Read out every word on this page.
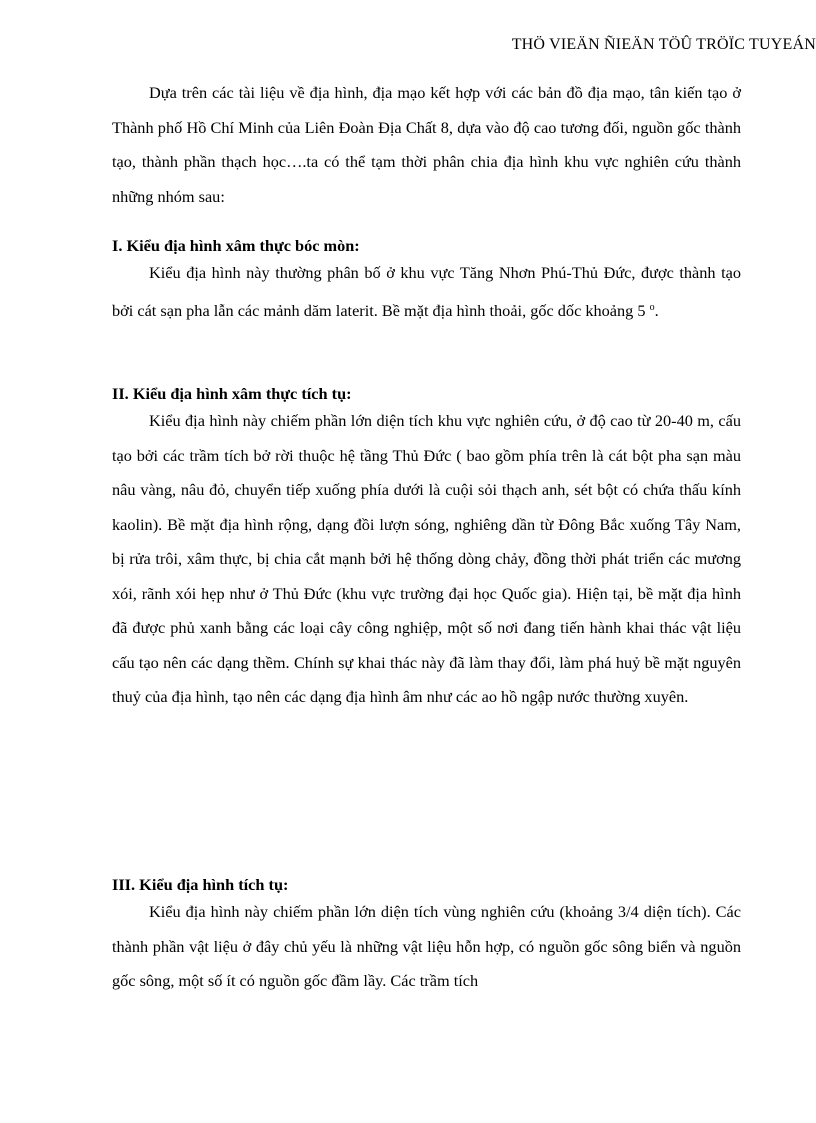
THÖ VIEÄN ÑIEÄN TÖÛ TRÖÏC TUYEÁN

Dựa trên các tài liệu về địa hình, địa mạo kết hợp với các bản đồ địa mạo, tân kiến tạo ở Thành phố Hồ Chí Minh của Liên Đoàn Địa Chất 8, dựa vào độ cao tương đối, nguồn gốc thành tạo, thành phần thạch học….ta có thể tạm thời phân chia địa hình khu vực nghiên cứu thành những nhóm sau:

I. Kiểu địa hình xâm thực bóc mòn:

Kiểu địa hình này thường phân bố ở khu vực Tăng Nhơn Phú-Thủ Đức, được thành tạo bởi cát sạn pha lẫn các mảnh dăm laterit. Bề mặt địa hình thoải, gốc dốc khoảng 5 $^o$.

II. Kiểu địa hình xâm thực tích tụ:

Kiểu địa hình này chiếm phần lớn diện tích khu vực nghiên cứu, ở độ cao từ 20-40 m, cấu tạo bởi các trầm tích bở rời thuộc hệ tầng Thủ Đức ( bao gồm phía trên là cát bột pha sạn màu nâu vàng, nâu đỏ, chuyển tiếp xuống phía dưới là cuội sỏi thạch anh, sét bột có chứa thấu kính kaolin). Bề mặt địa hình rộng, dạng đồi lượn sóng, nghiêng dần từ Đông Bắc xuống Tây Nam, bị rửa trôi, xâm thực, bị chia cắt mạnh bởi hệ thống dòng chảy, đồng thời phát triển các mương xói, rãnh xói hẹp như ở Thủ Đức (khu vực trường đại học Quốc gia). Hiện tại, bề mặt địa hình đã được phủ xanh bằng các loại cây công nghiệp, một số nơi đang tiến hành khai thác vật liệu cấu tạo nên các dạng thềm. Chính sự khai thác này đã làm thay đổi, làm phá huỷ bề mặt nguyên thuỷ của địa hình, tạo nên các dạng địa hình âm như các ao hồ ngập nước thường xuyên.

III. Kiểu địa hình tích tụ:

Kiểu địa hình này chiếm phần lớn diện tích vùng nghiên cứu (khoảng 3/4 diện tích). Các thành phần vật liệu ở đây chủ yếu là những vật liệu hỗn hợp, có nguồn gốc sông biển và nguồn gốc sông, một số ít có nguồn gốc đầm lầy. Các trầm tích
